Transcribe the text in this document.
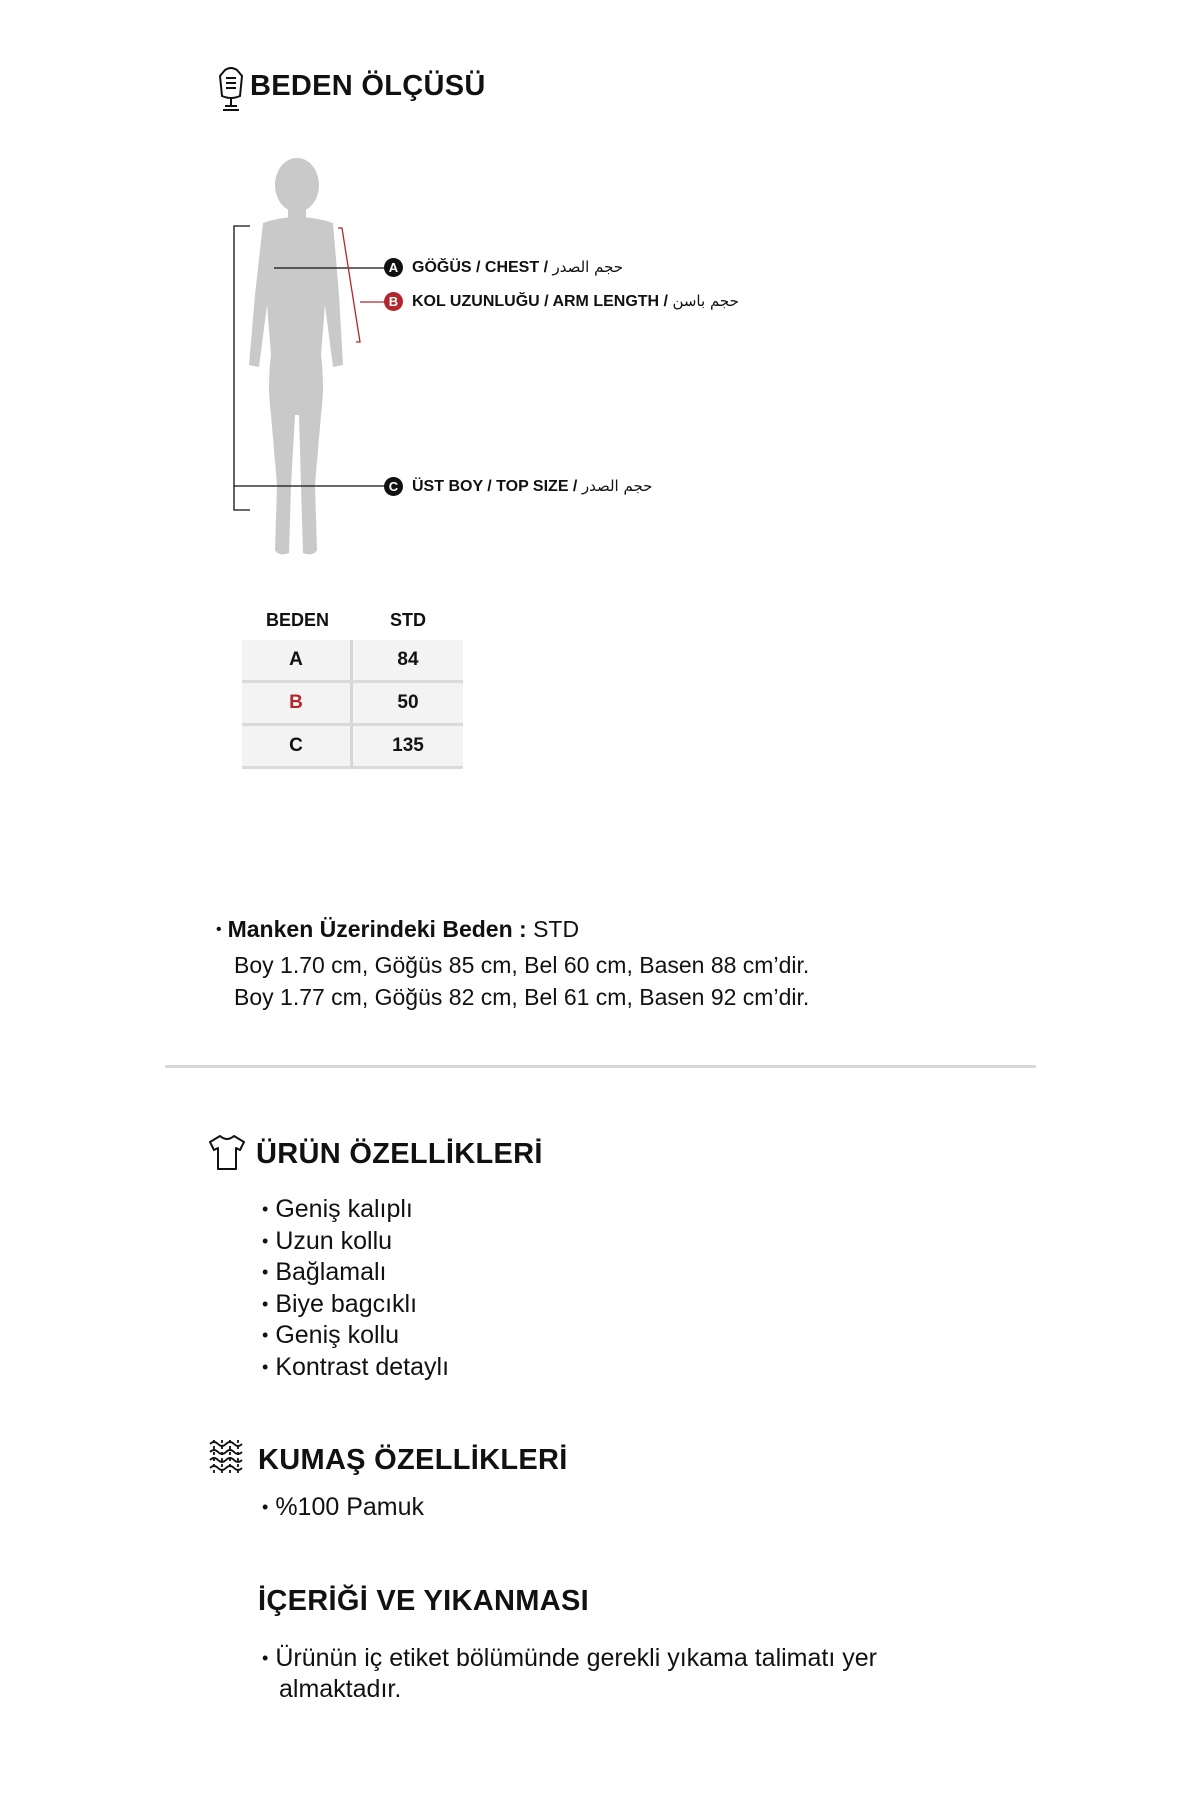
BEDEN ÖLÇÜSÜ
A GÖĞÜS / CHEST / حجم الصدر
B KOL UZUNLUĞU / ARM LENGTH / حجم باسن
C ÜST BOY / TOP SIZE / حجم الصدر
BEDEN	STD
A	84
B	50
C	135
• Manken Üzerindeki Beden : STD
Boy 1.70 cm, Göğüs 85 cm, Bel 60 cm, Basen 88 cm’dir.
Boy 1.77 cm, Göğüs 82 cm, Bel 61 cm, Basen 92 cm’dir.
ÜRÜN ÖZELLİKLERİ
• Geniş kalıplı
• Uzun kollu
• Bağlamalı
• Biye bagcıklı
• Geniş kollu
• Kontrast detaylı
KUMAŞ ÖZELLİKLERİ
• %100 Pamuk
İÇERİĞİ VE YIKANMASI
• Ürünün iç etiket bölümünde gerekli yıkama talimatı yer
almaktadır.
